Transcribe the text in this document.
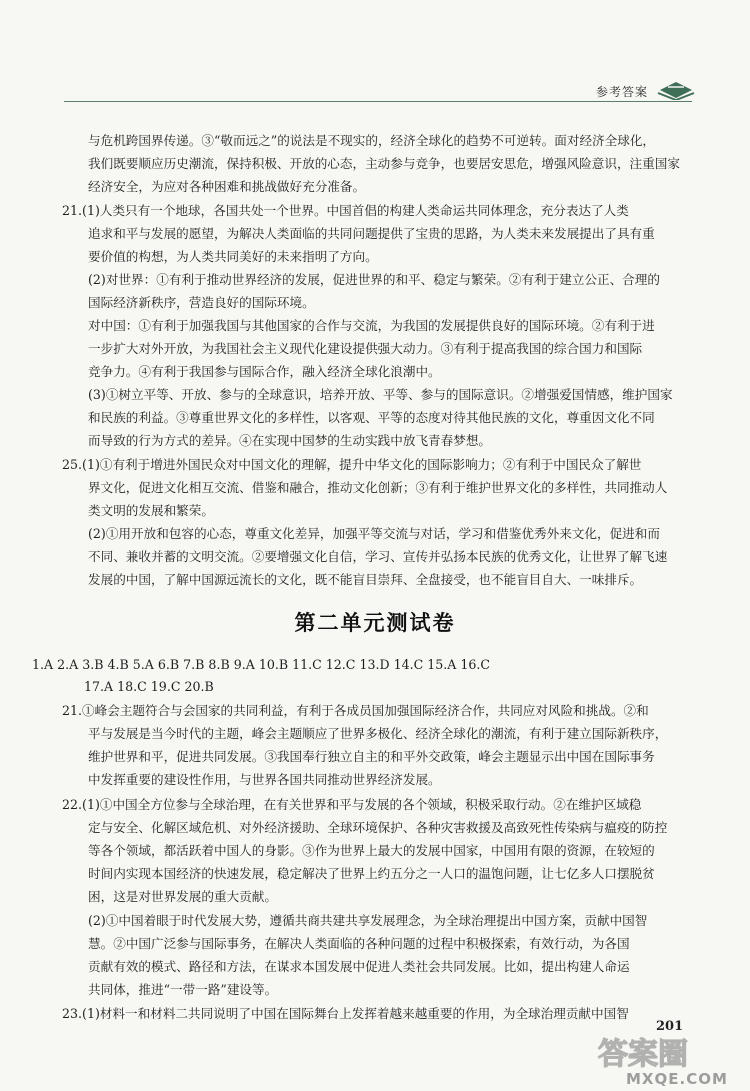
参考答案
与危机跨国界传递。③“敬而远之”的说法是不现实的，经济全球化的趋势不可逆转。面对经济全球化，
我们既要顺应历史潮流，保持积极、开放的心态，主动参与竞争，也要居安思危，增强风险意识，注重国家
经济安全，为应对各种困难和挑战做好充分准备。
21.(1)人类只有一个地球，各国共处一个世界。中国首倡的构建人类命运共同体理念，充分表达了人类
追求和平与发展的愿望，为解决人类面临的共同问题提供了宝贵的思路，为人类未来发展提出了具有重
要价值的构想，为人类共同美好的未来指明了方向。
(2)对世界：①有利于推动世界经济的发展，促进世界的和平、稳定与繁荣。②有利于建立公正、合理的
国际经济新秩序，营造良好的国际环境。
对中国：①有利于加强我国与其他国家的合作与交流，为我国的发展提供良好的国际环境。②有利于进
一步扩大对外开放，为我国社会主义现代化建设提供强大动力。③有利于提高我国的综合国力和国际
竞争力。④有利于我国参与国际合作，融入经济全球化浪潮中。
(3)①树立平等、开放、参与的全球意识，培养开放、平等、参与的国际意识。②增强爱国情感，维护国家
和民族的利益。③尊重世界文化的多样性，以客观、平等的态度对待其他民族的文化，尊重因文化不同
而导致的行为方式的差异。④在实现中国梦的生动实践中放飞青春梦想。
25.(1)①有利于增进外国民众对中国文化的理解，提升中华文化的国际影响力；②有利于中国民众了解世
界文化，促进文化相互交流、借鉴和融合，推动文化创新；③有利于维护世界文化的多样性，共同推动人
类文明的发展和繁荣。
(2)①用开放和包容的心态，尊重文化差异，加强平等交流与对话，学习和借鉴优秀外来文化，促进和而
不同、兼收并蓄的文明交流。②要增强文化自信，学习、宣传并弘扬本民族的优秀文化，让世界了解飞速
发展的中国，了解中国源远流长的文化，既不能盲目崇拜、全盘接受，也不能盲目自大、一味排斥。
第二单元测试卷
1.A 2.A 3.B 4.B 5.A 6.B 7.B 8.B 9.A 10.B 11.C 12.C 13.D 14.C 15.A 16.C
17.A 18.C 19.C 20.B
21.①峰会主题符合与会国家的共同利益，有利于各成员国加强国际经济合作，共同应对风险和挑战。②和
平与发展是当今时代的主题，峰会主题顺应了世界多极化、经济全球化的潮流，有利于建立国际新秩序，
维护世界和平，促进共同发展。③我国奉行独立自主的和平外交政策，峰会主题显示出中国在国际事务
中发挥重要的建设性作用，与世界各国共同推动世界经济发展。
22.(1)①中国全方位参与全球治理，在有关世界和平与发展的各个领域，积极采取行动。②在维护区域稳
定与安全、化解区域危机、对外经济援助、全球环境保护、各种灾害救援及高致死性传染病与瘟疫的防控
等各个领域，都活跃着中国人的身影。③作为世界上最大的发展中国家，中国用有限的资源，在较短的
时间内实现本国经济的快速发展，稳定解决了世界上约五分之一人口的温饱问题，让七亿多人口摆脱贫
困，这是对世界发展的重大贡献。
(2)①中国着眼于时代发展大势，遵循共商共建共享发展理念，为全球治理提出中国方案，贡献中国智
慧。②中国广泛参与国际事务，在解决人类面临的各种问题的过程中积极探索，有效行动，为各国
贡献有效的模式、路径和方法，在谋求本国发展中促进人类社会共同发展。比如，提出构建人命运
共同体，推进“一带一路”建设等。
23.(1)材料一和材料二共同说明了中国在国际舞台上发挥着越来越重要的作用，为全球治理贡献中国智
201
答案圈
MXQE.COM
